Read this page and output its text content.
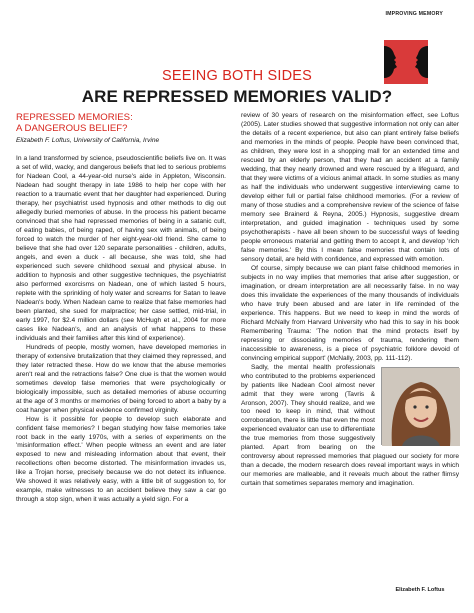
IMPROVING MEMORY
SEEING BOTH SIDES
ARE REPRESSED MEMORIES VALID?
REPRESSED MEMORIES:
A DANGEROUS BELIEF?
Elizabeth F. Loftus, University of California, Irvine

In a land transformed by science, pseudoscientific beliefs live on. It was a set of wild, wacky, and dangerous beliefs that led to serious problems for Nadean Cool, a 44-year-old nurse's aide in Appleton, Wisconsin. Nadean had sought therapy in late 1986 to help her cope with her reaction to a traumatic event that her daughter had experienced. During therapy, her psychiatrist used hypnosis and other methods to dig out allegedly buried memories of abuse. In the process his patient became convinced that she had repressed memories of being in a satanic cult, of eating babies, of being raped, of having sex with animals, of being forced to watch the murder of her eight-year-old friend. She came to believe that she had over 120 separate personalities - children, adults, angels, and even a duck - all because, she was told, she had experienced such severe childhood sexual and physical abuse. In addition to hypnosis and other suggestive techniques, the psychiatrist also performed exorcisms on Nadean, one of which lasted 5 hours, replete with the sprinkling of holy water and screams for Satan to leave Nadean's body. When Nadean came to realize that false memories had been planted, she sued for malpractice; her case settled, mid-trial, in early 1997, for $2.4 million dollars (see McHugh et al., 2004 for more cases like Nadean's, and an analysis of what happens to these individuals and their families after this kind of experience).

Hundreds of people, mostly women, have developed memories in therapy of extensive brutalization that they claimed they repressed, and they later retracted these. How do we know that the abuse memories aren't real and the retractions false? One clue is that the women would sometimes develop false memories that were psychologically or biologically impossible, such as detailed memories of abuse occurring at the age of 3 months or memories of being forced to abort a baby by a coat hanger when physical evidence confirmed virginity.

How is it possible for people to develop such elaborate and confident false memories? I began studying how false memories take root back in the early 1970s, with a series of experiments on the 'misinformation effect.' When people witness an event and are later exposed to new and misleading information about that event, their recollections often become distorted. The misinformation invades us, like a Trojan horse, precisely because we do not detect its influence. We showed it was relatively easy, with a little bit of suggestion to, for example, make witnesses to an accident believe they saw a car go through a stop sign, when it was actually a yield sign. For a

review of 30 years of research on the misinformation effect, see Loftus (2005). Later studies showed that suggestive information not only can alter the details of a recent experience, but also can plant entirely false beliefs and memories in the minds of people. People have been convinced that, as children, they were lost in a shopping mall for an extended time and rescued by an elderly person, that they had an accident at a family wedding, that they nearly drowned and were rescued by a lifeguard, and that they were victims of a vicious animal attack. In some studies as many as half the individuals who underwent suggestive interviewing came to develop either full or partial false childhood memories. (For a review of many of those studies and a comprehensive review of the science of false memory see Brainerd & Reyna, 2005.) Hypnosis, suggestive dream interpretation, and guided imagination - techniques used by some psychotherapists - have all been shown to be successful ways of feeding people erroneous material and getting them to accept it, and develop 'rich false memories.' By this I mean false memories that contain lots of sensory detail, are held with confidence, and expressed with emotion.

Of course, simply because we can plant false childhood memories in subjects in no way implies that memories that arise after suggestion, or imagination, or dream interpretation are all necessarily false. In no way does this invalidate the experiences of the many thousands of individuals who have truly been abused and are later in life reminded of the experience. This happens. But we need to keep in mind the words of Richard McNally from Harvard University who had this to say in his book Remembering Trauma: 'The notion that the mind protects itself by repressing or dissociating memories of trauma, rendering them inaccessible to awareness, is a piece of psychiatric folklore devoid of convincing empirical support' (McNally, 2003, pp. 111-112).

Sadly, the mental health professionals who contributed to the problems experienced by patients like Nadean Cool almost never admit that they were wrong (Tavris & Aronson, 2007). They should realize, and we too need to keep in mind, that without corroboration, there is little that even the most experienced evaluator can use to differentiate the true memories from those suggestively planted. Apart from bearing on the controversy about repressed memories that plagued our society for more than a decade, the modern research does reveal important ways in which our memories are malleable, and it reveals much about the rather flimsy curtain that sometimes separates memory and imagination.

Elizabeth F. Loftus
